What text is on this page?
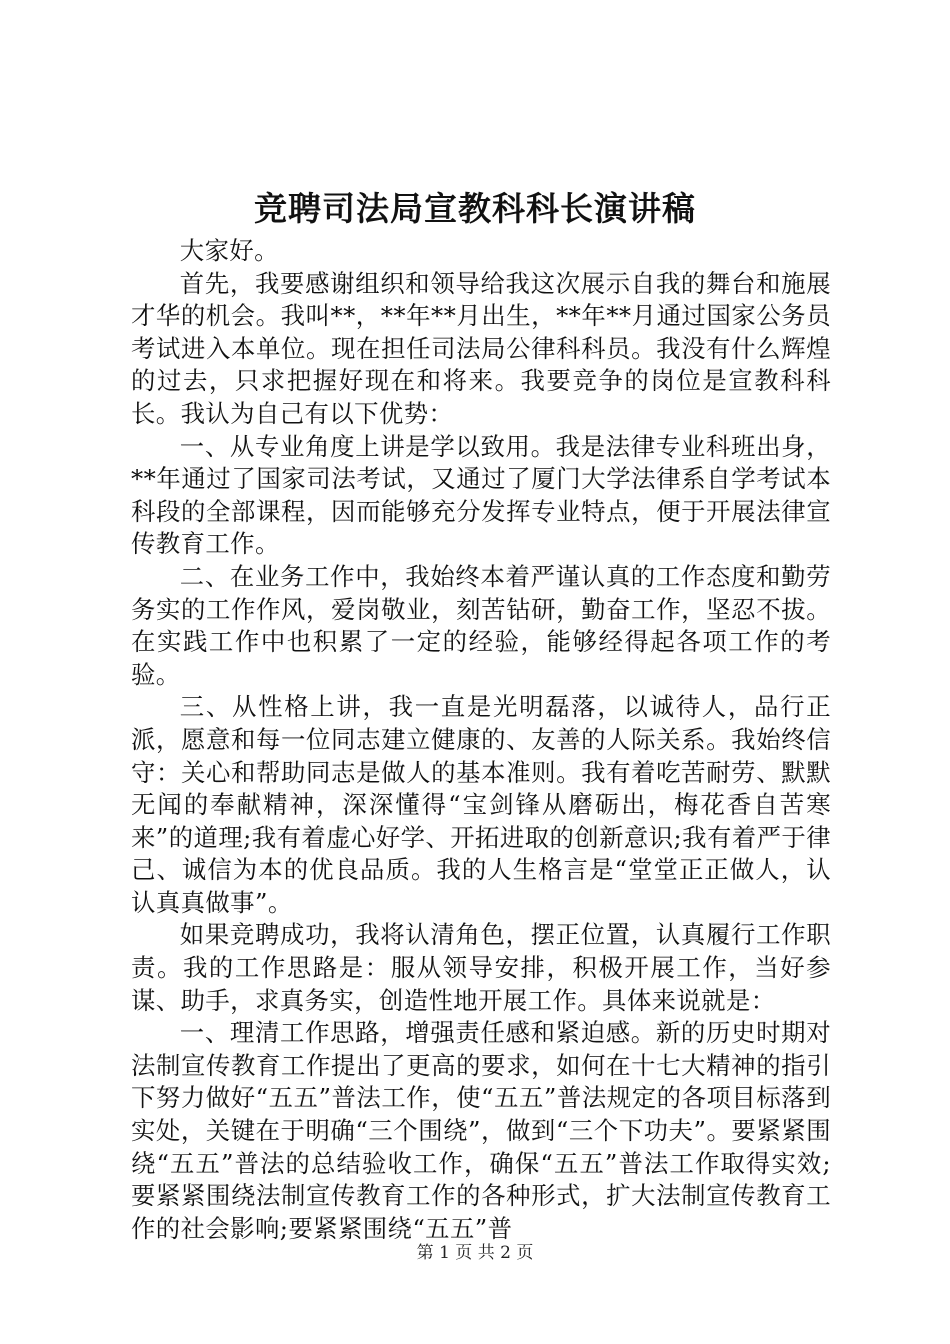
竞聘司法局宣教科科长演讲稿

大家好。

首先，我要感谢组织和领导给我这次展示自我的舞台和施展才华的机会。我叫**，**年**月出生，**年**月通过国家公务员考试进入本单位。现在担任司法局公律科科员。我没有什么辉煌的过去，只求把握好现在和将来。我要竞争的岗位是宣教科科长。我认为自己有以下优势：

一、从专业角度上讲是学以致用。我是法律专业科班出身，**年通过了国家司法考试，又通过了厦门大学法律系自学考试本科段的全部课程，因而能够充分发挥专业特点，便于开展法律宣传教育工作。

二、在业务工作中，我始终本着严谨认真的工作态度和勤劳务实的工作作风，爱岗敬业，刻苦钻研，勤奋工作，坚忍不拔。在实践工作中也积累了一定的经验，能够经得起各项工作的考验。

三、从性格上讲，我一直是光明磊落，以诚待人，品行正派，愿意和每一位同志建立健康的、友善的人际关系。我始终信守：关心和帮助同志是做人的基本准则。我有着吃苦耐劳、默默无闻的奉献精神，深深懂得“宝剑锋从磨砺出，梅花香自苦寒来”的道理;我有着虚心好学、开拓进取的创新意识;我有着严于律己、诚信为本的优良品质。我的人生格言是“堂堂正正做人，认认真真做事”。

如果竞聘成功，我将认清角色，摆正位置，认真履行工作职责。我的工作思路是：服从领导安排，积极开展工作，当好参谋、助手，求真务实，创造性地开展工作。具体来说就是：

一、理清工作思路，增强责任感和紧迫感。新的历史时期对法制宣传教育工作提出了更高的要求，如何在十七大精神的指引下努力做好“五五”普法工作，使“五五”普法规定的各项目标落到实处，关键在于明确“三个围绕”，做到“三个下功夫”。要紧紧围绕“五五”普法的总结验收工作，确保“五五”普法工作取得实效;要紧紧围绕法制宣传教育工作的各种形式，扩大法制宣传教育工作的社会影响;要紧紧围绕“五五”普

第 1 页 共 2 页
